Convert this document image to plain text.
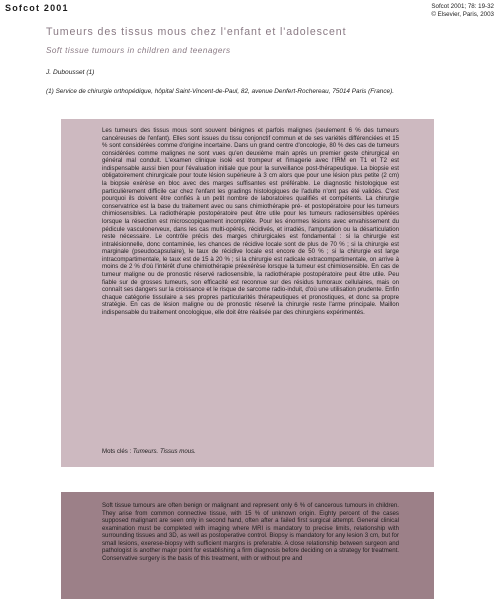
Sofcot 2001	Sofcot 2001; 78: 19-32
© Elsevier, Paris, 2003
Tumeurs des tissus mous chez l'enfant et l'adolescent
Soft tissue tumours in children and teenagers
J. Dubousset (1)
(1) Service de chirurgie orthopédique, hôpital Saint-Vincent-de-Paul, 82, avenue Denfert-Rochereau, 75014 Paris (France).

Les tumeurs des tissus mous sont souvent bénignes et parfois malignes (seulement 6 % des tumeurs cancéreuses de l'enfant). Elles sont issues du tissu conjonctif commun et de ses variétés différenciées et 15 % sont considérées comme d'origine incertaine. Dans un grand centre d'oncologie, 80 % des cas de tumeurs considérées comme malignes ne sont vues qu'en deuxième main après un premier geste chirurgical en général mal conduit. L'examen clinique isolé est trompeur et l'imagerie avec l'IRM en T1 et T2 est indispensable aussi bien pour l'évaluation initiale que pour la surveillance post-thérapeutique. La biopsie est obligatoirement chirurgicale pour toute lésion supérieure à 3 cm alors que pour une lésion plus petite (2 cm) la biopsie exérèse en bloc avec des marges suffisantes est préférable. Le diagnostic histologique est particulièrement difficile car chez l'enfant les gradings histologiques de l'adulte n'ont pas été validés. C'est pourquoi ils doivent être confiés à un petit nombre de laboratoires qualifiés et compétents. La chirurgie conservatrice est la base du traitement avec ou sans chimiothérapie pré- et postopératoire pour les tumeurs chimiosensibles. La radiothérapie postopératoire peut être utile pour les tumeurs radiosensibles opérées lorsque la résection est microscopiquement incomplète. Pour les énormes lésions avec envahissement du pédicule vasculonerveux, dans les cas multi-opérés, récidivés, et irradiés, l'amputation ou la désarticulation reste nécessaire. Le contrôle précis des marges chirurgicales est fondamental : si la chirurgie est intralésionnelle, donc contaminée, les chances de récidive locale sont de plus de 70 % ; si la chirurgie est marginale (pseudocapsulaire), le taux de récidive locale est encore de 50 % ; si la chirurgie est large intracompartimentale, le taux est de 15 à 20 % ; si la chirurgie est radicale extracompartimentale, on arrive à moins de 2 % d'où l'intérêt d'une chimiothérapie préexérèse lorsque la tumeur est chimiosensible. En cas de tumeur maligne ou de pronostic réservé radiosensible, la radiothérapie postopératoire peut être utile. Peu fiable sur de grosses tumeurs, son efficacité est reconnue sur des résidus tumoraux cellulaires, mais on connaît ses dangers sur la croissance et le risque de sarcome radio-induit, d'où une utilisation prudente. Enfin chaque catégorie tissulaire a ses propres particularités thérapeutiques et pronostiques, et donc sa propre stratégie. En cas de lésion maligne ou de pronostic réservé la chirurgie reste l'arme principale. Maillon indispensable du traitement oncologique, elle doit être réalisée par des chirurgiens expérimentés.

Mots clés : Tumeurs. Tissus mous.

Soft tissue tumours are often benign or malignant and represent only 6 % of cancerous tumours in children. They arise from common connective tissue, with 15 % of unknown origin. Eighty percent of the cases supposed malignant are seen only in second hand, often after a failed first surgical attempt. General clinical examination must be completed with imaging where MRI is mandatory to precise limits, relationship with surrounding tissues and 3D, as well as postoperative control. Biopsy is mandatory for any lesion 3 cm, but for small lesions, exerese-biopsy with sufficient margins is preferable. A close relationship between surgeon and pathologist is another major point for establishing a firm diagnosis before deciding on a strategy for treatment. Conservative surgery is the basis of this treatment, with or without pre and
